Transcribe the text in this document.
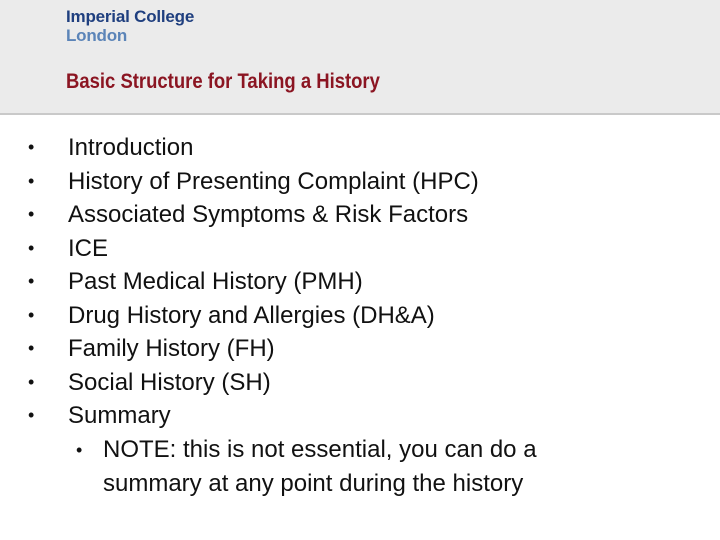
Imperial College
London
Basic Structure for Taking a History
• Introduction
• History of Presenting Complaint (HPC)
• Associated Symptoms & Risk Factors
• ICE
• Past Medical History (PMH)
• Drug History and Allergies (DH&A)
• Family History (FH)
• Social History (SH)
• Summary
• NOTE: this is not essential, you can do a summary at any point during the history
